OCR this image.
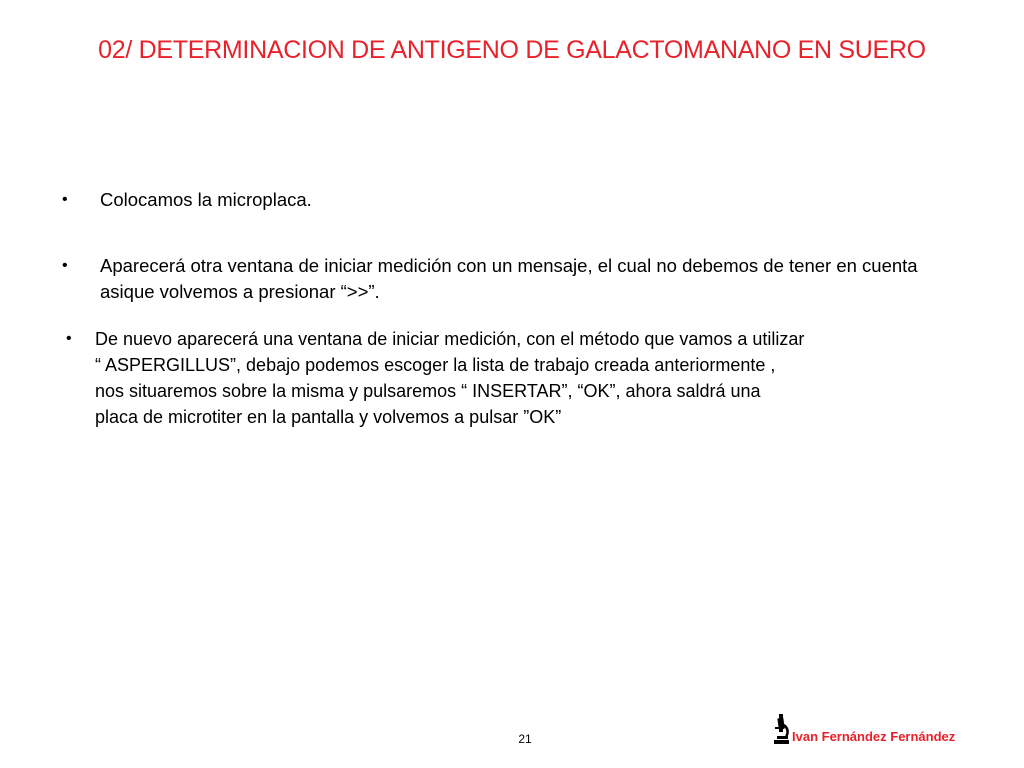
02/ DETERMINACION DE ANTIGENO DE GALACTOMANANO EN SUERO
• Colocamos la microplaca.
• Aparecerá otra ventana de iniciar medición con un mensaje, el cual no debemos de tener en cuenta asique volvemos a presionar “>>”.
• De nuevo aparecerá una ventana de iniciar medición, con el método que vamos a utilizar “ ASPERGILLUS”, debajo podemos escoger la lista de trabajo creada anteriormente , nos situaremos sobre la misma y pulsaremos “ INSERTAR”, “OK”, ahora saldrá una placa de microtiter en la pantalla y volvemos a pulsar ”OK”
21	Ivan Fernández Fernández
